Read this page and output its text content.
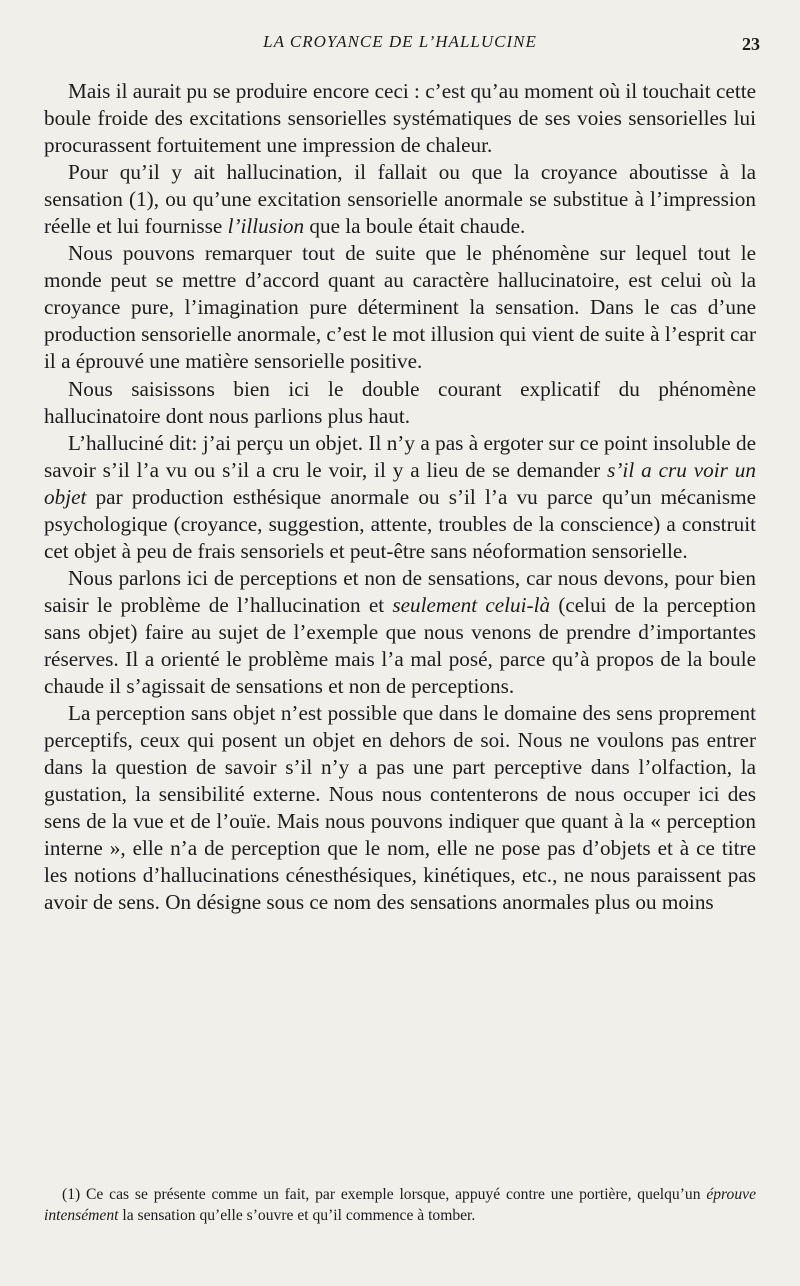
LA CROYANCE DE L’HALLUCINE	23

Mais il aurait pu se produire encore ceci : c’est qu’au moment où il touchait cette boule froide des excitations sensorielles systématiques de ses voies sensorielles lui procurassent fortuitement une impression de chaleur.

Pour qu’il y ait hallucination, il fallait ou que la croyance aboutisse à la sensation (1), ou qu’une excitation sensorielle anormale se substitue à l’impression réelle et lui fournisse l’illusion que la boule était chaude.

Nous pouvons remarquer tout de suite que le phénomène sur lequel tout le monde peut se mettre d’accord quant au caractère hallucinatoire, est celui où la croyance pure, l’imagination pure déterminent la sensation. Dans le cas d’une production sensorielle anormale, c’est le mot illusion qui vient de suite à l’esprit car il a éprouvé une matière sensorielle positive.

Nous saisissons bien ici le double courant explicatif du phénomène hallucinatoire dont nous parlions plus haut.

L’halluciné dit: j’ai perçu un objet. Il n’y a pas à ergoter sur ce point insoluble de savoir s’il l’a vu ou s’il a cru le voir, il y a lieu de se demander s’il a cru voir un objet par production esthésique anormale ou s’il l’a vu parce qu’un mécanisme psychologique (croyance, suggestion, attente, troubles de la conscience) a construit cet objet à peu de frais sensoriels et peut-être sans néoformation sensorielle.

Nous parlons ici de perceptions et non de sensations, car nous devons, pour bien saisir le problème de l’hallucination et seulement celui-là (celui de la perception sans objet) faire au sujet de l’exemple que nous venons de prendre d’importantes réserves. Il a orienté le problème mais l’a mal posé, parce qu’à propos de la boule chaude il s’agissait de sensations et non de perceptions.

La perception sans objet n’est possible que dans le domaine des sens proprement perceptifs, ceux qui posent un objet en dehors de soi. Nous ne voulons pas entrer dans la question de savoir s’il n’y a pas une part perceptive dans l’olfaction, la gustation, la sensibilité externe. Nous nous contenterons de nous occuper ici des sens de la vue et de l’ouïe. Mais nous pouvons indiquer que quant à la « perception interne », elle n’a de perception que le nom, elle ne pose pas d’objets et à ce titre les notions d’hallucinations cénesthésiques, kinétiques, etc., ne nous paraissent pas avoir de sens. On désigne sous ce nom des sensations anormales plus ou moins

(1) Ce cas se présente comme un fait, par exemple lorsque, appuyé contre une portière, quelqu’un éprouve intensément la sensation qu’elle s’ouvre et qu’il commence à tomber.
